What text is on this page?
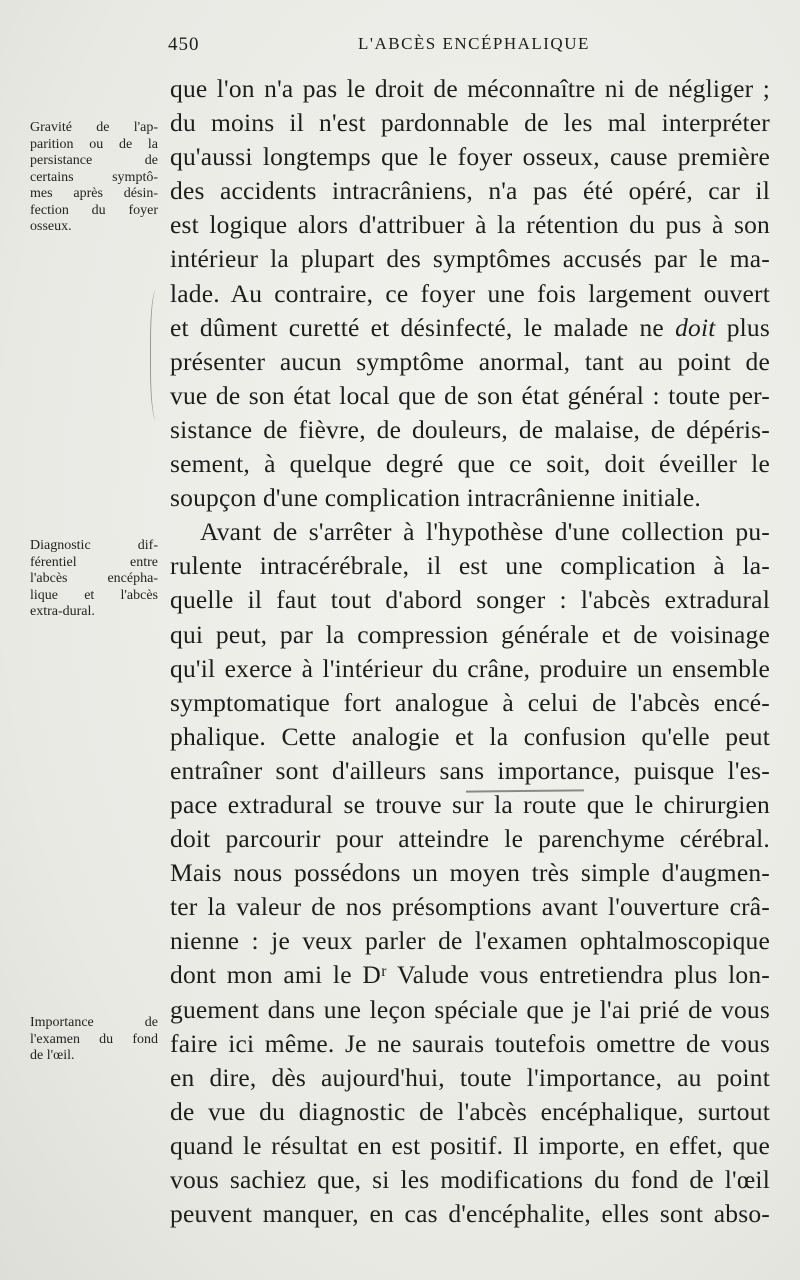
450	L'ABCÈS ENCÉPHALIQUE
Gravité de l'ap-
parition ou de la
persistance de
certains symptô-
mes après désin-
fection du foyer
osseux.
Diagnostic dif-
férentiel entre
l'abcès encépha-
lique et l'abcès
extra-dural.
Importance de
l'examen du fond
de l'œil.
que l'on n'a pas le droit de méconnaître ni de négliger ;
du moins il n'est pardonnable de les mal interpréter
qu'aussi longtemps que le foyer osseux, cause première
des accidents intracrâniens, n'a pas été opéré, car il
est logique alors d'attribuer à la rétention du pus à son
intérieur la plupart des symptômes accusés par le ma-
lade. Au contraire, ce foyer une fois largement ouvert
et dûment curetté et désinfecté, le malade ne doit plus
présenter aucun symptôme anormal, tant au point de
vue de son état local que de son état général : toute per-
sistance de fièvre, de douleurs, de malaise, de dépéris-
sement, à quelque degré que ce soit, doit éveiller le
soupçon d'une complication intracrânienne initiale.
Avant de s'arrêter à l'hypothèse d'une collection pu-
rulente intracérébrale, il est une complication à la-
quelle il faut tout d'abord songer : l'abcès extradural
qui peut, par la compression générale et de voisinage
qu'il exerce à l'intérieur du crâne, produire un ensemble
symptomatique fort analogue à celui de l'abcès encé-
phalique. Cette analogie et la confusion qu'elle peut
entraîner sont d'ailleurs sans importance, puisque l'es-
pace extradural se trouve sur la route que le chirurgien
doit parcourir pour atteindre le parenchyme cérébral.
Mais nous possédons un moyen très simple d'augmen-
ter la valeur de nos présomptions avant l'ouverture crâ-
nienne : je veux parler de l'examen ophtalmoscopique
dont mon ami le Dʳ Valude vous entretiendra plus lon-
guement dans une leçon spéciale que je l'ai prié de vous
faire ici même. Je ne saurais toutefois omettre de vous
en dire, dès aujourd'hui, toute l'importance, au point
de vue du diagnostic de l'abcès encéphalique, surtout
quand le résultat en est positif. Il importe, en effet, que
vous sachiez que, si les modifications du fond de l'œil
peuvent manquer, en cas d'encéphalite, elles sont abso-
